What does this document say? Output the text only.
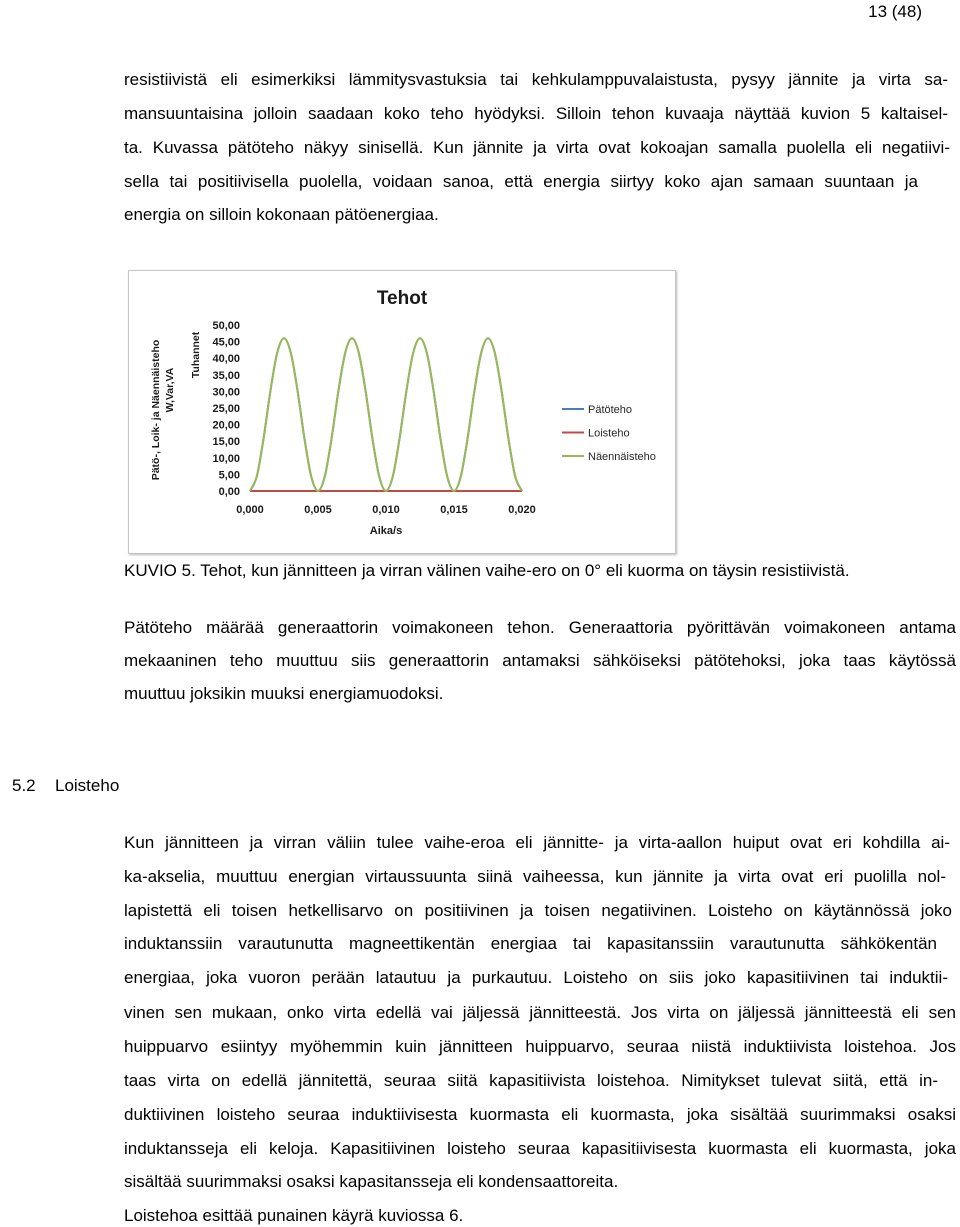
13 (48)
resistiivistä eli esimerkiksi lämmitysvastuksia tai kehkulamppuvalaistusta, pysyy jännite ja virta sa-
mansuuntaisina jolloin saadaan koko teho hyödyksi. Silloin tehon kuvaaja näyttää kuvion 5 kaltaisel-
ta. Kuvassa pätöteho näkyy sinisellä. Kun jännite ja virta ovat kokoajan samalla puolella eli negatiivi-
sella tai positiivisella puolella, voidaan sanoa, että energia siirtyy koko ajan samaan suuntaan ja
energia on silloin kokonaan pätöenergiaa.
Tehot
Pätö-, Loik- ja Näennäisteho W,Var,VA
Tuhannet
Aika/s
Pätöteho
Loisteho
Näennäisteho
50,00
45,00
40,00
35,00
30,00
25,00
20,00
15,00
10,00
5,00
0,00
0,000	0,005	0,010	0,015	0,020
KUVIO 5. Tehot, kun jännitteen ja virran välinen vaihe-ero on 0° eli kuorma on täysin resistiivistä.
Pätöteho määrää generaattorin voimakoneen tehon. Generaattoria pyörittävän voimakoneen antama
mekaaninen teho muuttuu siis generaattorin antamaksi sähköiseksi pätötehoksi, joka taas käytössä
muuttuu joksikin muuksi energiamuodoksi.
5.2 Loisteho
Kun jännitteen ja virran väliin tulee vaihe-eroa eli jännitte- ja virta-aallon huiput ovat eri kohdilla ai-
ka-akselia, muuttuu energian virtaussuunta siinä vaiheessa, kun jännite ja virta ovat eri puolilla nol-
lapistettä eli toisen hetkellisarvo on positiivinen ja toisen negatiivinen. Loisteho on käytännössä joko
induktanssiin varautunutta magneettikentän energiaa tai kapasitanssiin varautunutta sähkökentän
energiaa, joka vuoron perään latautuu ja purkautuu. Loisteho on siis joko kapasitiivinen tai induktii-
vinen sen mukaan, onko virta edellä vai jäljessä jännitteestä. Jos virta on jäljessä jännitteestä eli sen
huippuarvo esiintyy myöhemmin kuin jännitteen huippuarvo, seuraa niistä induktiivista loistehoa. Jos
taas virta on edellä jännitettä, seuraa siitä kapasitiivista loistehoa. Nimitykset tulevat siitä, että in-
duktiivinen loisteho seuraa induktiivisesta kuormasta eli kuormasta, joka sisältää suurimmaksi osaksi
induktansseja eli keloja. Kapasitiivinen loisteho seuraa kapasitiivisesta kuormasta eli kuormasta, joka
sisältää suurimmaksi osaksi kapasitansseja eli kondensaattoreita.
Loistehoa esittää punainen käyrä kuviossa 6.
